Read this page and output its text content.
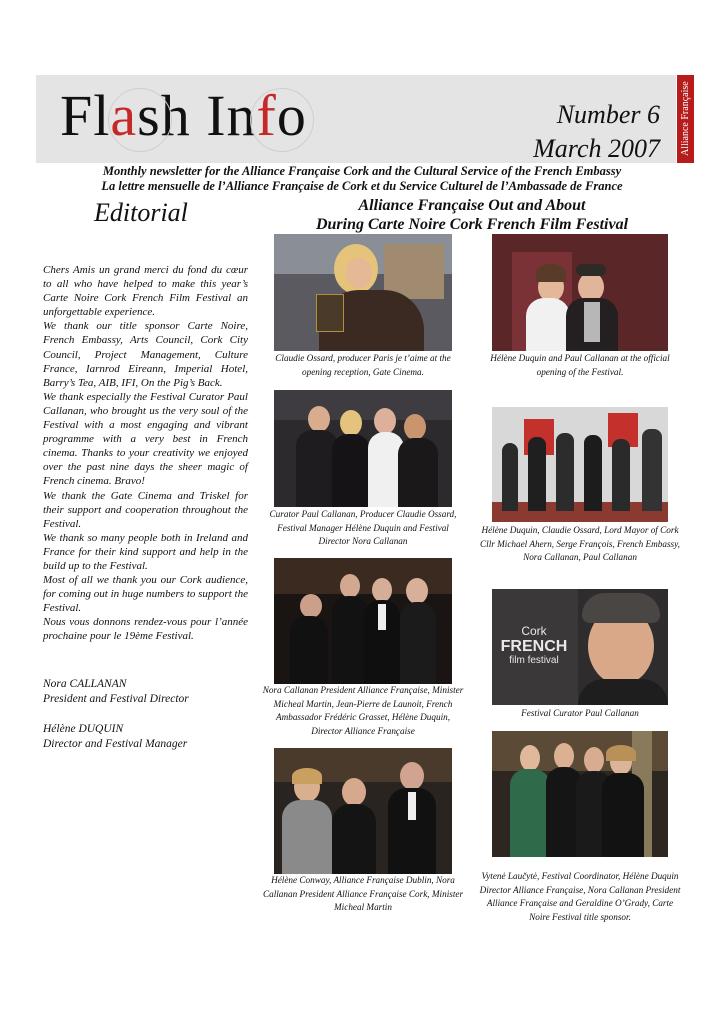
Flash Info	Number 6
March 2007	Alliance Française
Monthly newsletter for the Alliance Française Cork and the Cultural Service of the French Embassy
La lettre mensuelle de l’Alliance Française de Cork et du Service Culturel de l’Ambassade de France
Editorial

Chers Amis un grand merci du fond du cœur to all who have helped to make this year’s Carte Noire Cork French Film Festival an unforgettable experience.

We thank our title sponsor Carte Noire, French Embassy, Arts Council, Cork City Council, Project Management, Culture France, Iarnrod Eireann, Imperial Hotel, Barry’s Tea, AIB, IFI, On the Pig’s Back.

We thank especially the Festival Curator Paul Callanan, who brought us the very soul of the Festival with a most engaging and vibrant programme with a very best in French cinema. Thanks to your creativity we enjoyed over the past nine days the sheer magic of French cinema. Bravo!

We thank the Gate Cinema and Triskel for their support and cooperation throughout the Festival.

We thank so many people both in Ireland and France for their kind support and help in the build up to the Festival.

Most of all we thank you our Cork audience, for coming out in huge numbers to support the Festival.

Nous vous donnons rendez-vous pour l’année prochaine pour le 19ème Festival.

Nora CALLANAN
President and Festival Director
Hélène DUQUIN
Director and Festival Manager
Alliance Française Out and About
During Carte Noire Cork French Film Festival
Claudie Ossard, producer Paris je t’aime at the opening reception, Gate Cinema.
Hélène Duquin and Paul Callanan at the official opening of the Festival.
Curator Paul Callanan, Producer Claudie Ossard, Festival Manager Hélène Duquin and Festival Director Nora Callanan
Hélène Duquin, Claudie Ossard, Lord Mayor of Cork Cllr Michael Ahern, Serge François, French Embassy, Nora Callanan, Paul Callanan
Nora Callanan President Alliance Française, Minister Micheal Martin, Jean-Pierre de Launoit, French Ambassador Frédéric Grasset, Hélène Duquin, Director Alliance Française
Cork
FRENCH
film festival
Festival Curator Paul Callanan
Hélène Conway, Alliance Française Dublin, Nora Callanan President Alliance Française Cork, Minister Micheal Martin
Vytenė Laučytė, Festival Coordinator, Hélène Duquin Director Alliance Française, Nora Callanan President Alliance Française and Geraldine O’Grady, Carte Noire Festival title sponsor.
